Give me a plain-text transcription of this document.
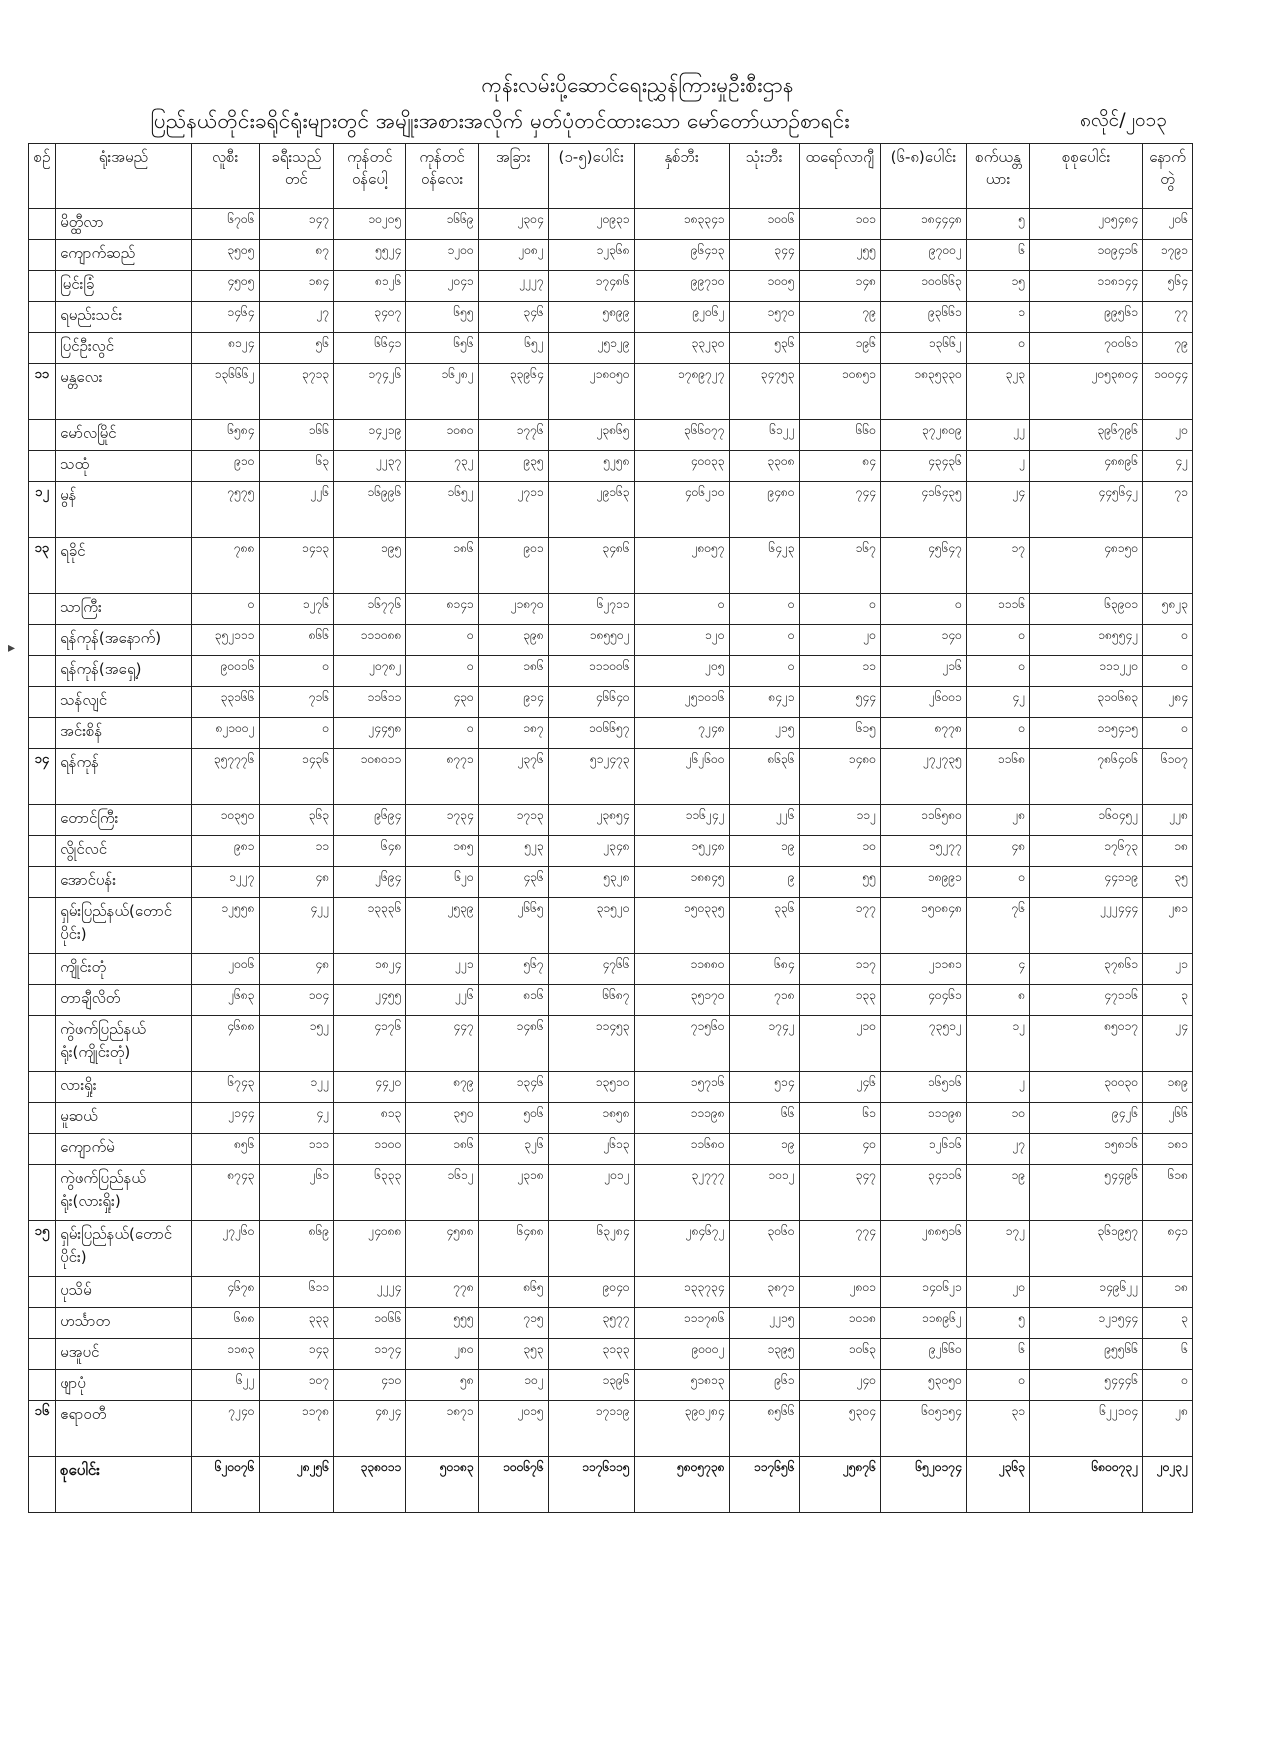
ကုန်းလမ်းပို့ဆောင်ရေးညွှန်ကြားမှုဦးစီးဌာန
ပြည်နယ်တိုင်းခရိုင်ရုံးများတွင် အမျိုးအစားအလိုက် မှတ်ပုံတင်ထားသော မော်တော်ယာဉ်စာရင်း	၈လိုင်/၂၀၁၃
▸
စဉ်	ရုံးအမည်	လူစီး	ခရီးသည်တင်	ကုန်တင်ဝန်ပေါ့	ကုန်တင်ဝန်လေး	အခြား	(၁-၅)ပေါင်း	နှစ်ဘီး	သုံးဘီး	ထရော်လာဂျီ	(၆-၈)ပေါင်း	စက်ယန္တယား	စုစုပေါင်း	နောက်တွဲ
	မိတ္ထီလာ	၆၇၀၆	၁၄၇	၁၀၂၀၅	၁၆၆၉	၂၃၀၄	၂၀၉၃၁	၁၈၃၃၄၁	၁၀၀၆	၁၀၁	၁၈၄၄၄၈	၅	၂၀၅၄၈၄	၂၀၆
	ကျောက်ဆည်	၃၅၀၅	၈၇	၅၅၂၄	၁၂၀၀	၂၀၈၂	၁၂၃၆၈	၉၆၄၁၃	၃၄၄	၂၅၅	၉၇၀၀၂	၆	၁၀၉၄၁၆	၁၇၉၁
	မြင်းခြံ	၄၅၀၅	၁၈၄	၈၁၂၆	၂၀၄၁	၂၂၂၇	၁၇၄၈၆	၉၉၇၁၀	၁၀၀၅	၁၄၈	၁၀၀၆၆၃	၁၅	၁၁၈၁၄၄	၅၆၄
	ရမည်းသင်း	၁၄၆၄	၂၇	၃၄၀၇	၆၅၅	၃၄၆	၅၈၉၉	၉၂၀၆၂	၁၅၇၀	၇၉	၉၃၆၆၁	၁	၉၉၅၆၁	၇၇
	ပြင်ဦးလွင်	၈၁၂၄	၅၆	၆၆၄၁	၆၅၆	၆၅၂	၂၅၁၂၉	၃၃၂၃၀	၅၃၆	၁၉၆	၁၃၆၆၂	၀	၇၀၀၆၁	၇၉
၁၁	မန္တလေး	၁၃၆၆၆၂	၃၇၁၃	၁၇၄၂၆	၁၆၂၈၂	၃၃၉၆၄	၂၁၈၀၅၀	၁၇၈၉၇၂၇	၃၄၇၅၃	၁၀၈၅၁	၁၈၃၅၃၃၀	၃၂၃	၂၀၅၃၈၀၄	၁၀၀၄၄
	မော်လမြိုင်	၆၅၈၄	၁၆၆	၁၄၂၁၉	၁၀၈၀	၁၇၇၆	၂၃၈၆၅	၃၆၆၀၇၇	၆၁၂၂	၆၆၀	၃၇၂၈၀၉	၂၂	၃၉၆၇၉၆	၂၀
	သထုံ	၉၁၀	၆၃	၂၂၃၇	၇၃၂	၉၃၅	၅၂၅၈	၄၀၀၃၃	၃၃၀၈	၈၄	၄၃၄၃၆	၂	၄၈၈၉၆	၄၂
၁၂	မွန်	၇၅၇၅	၂၂၆	၁၆၉၉၆	၁၆၅၂	၂၇၁၁	၂၉၁၆၃	၄၀၆၂၁၀	၉၄၈၀	၇၄၄	၄၁၆၄၃၅	၂၄	၄၄၅၆၄၂	၇၁
၁၃	ရခိုင်	၇၈၈	၁၄၁၃	၁၉၅	၁၈၆	၉၀၁	၃၄၈၆	၂၈၀၅၇	၆၄၂၃	၁၆၇	၄၅၆၄၇	၁၇	၄၈၁၅၀	
	သာကြီး	၀	၁၂၇၆	၁၆၇၇၆	၈၁၄၁	၂၁၈၇၀	၆၂၇၁၁	၀	၀	၀	၀	၁၁၁၆	၆၃၉၀၁	၅၈၂၃
	ရန်ကုန်(အနောက်)	၃၅၂၁၁၁	၈၆၆	၁၁၁၀၈၈	၀	၃၉၈	၁၈၅၅၀၂	၁၂၀	၀	၂၀	၁၄၀	၀	၁၈၅၅၄၂	၀
	ရန်ကုန်(အရှေ့)	၉၀၀၁၆	၀	၂၀၇၈၂	၀	၁၈၆	၁၁၁၀၀၆	၂၀၅	၀	၁၁	၂၁၆	၀	၁၁၁၂၂၀	၀
	သန်လျင်	၃၃၁၆၆	၇၁၆	၁၁၆၁၁	၄၃၀	၉၁၄	၄၆၆၄၀	၂၅၁၀၁၆	၈၄၂၁	၅၄၄	၂၆၀၀၁	၄၂	၃၁၀၆၈၃	၂၈၄
	အင်းစိန်	၈၂၁၀၀၂	၀	၂၄၄၅၈	၀	၁၈၇	၁၀၆၆၅၇	၇၂၄၈	၂၁၅	၆၁၅	၈၇၇၈	၀	၁၁၅၄၁၅	၀
၁၄	ရန်ကုန်	၃၅၇၇၇၆	၁၄၃၆	၁၀၈၀၁၁	၈၇၇၁	၂၃၇၆	၅၁၂၄၇၃	၂၆၂၆၀၀	၈၆၃၆	၁၄၈၀	၂၇၂၇၃၅	၁၁၆၈	၇၈၆၄၀၆	၆၁၀၇
	တောင်ကြီး	၁၀၃၅၀	၃၆၃	၉၆၉၄	၁၇၃၄	၁၇၁၃	၂၃၈၅၄	၁၁၆၂၄၂	၂၂၆	၁၁၂	၁၁၆၅၈၀	၂၈	၁၆၀၄၅၂	၂၂၈
	လွိုင်လင်	၉၈၁	၁၁	၆၄၈	၁၈၅	၅၂၃	၂၃၄၈	၁၅၂၄၈	၁၉	၁၀	၁၅၂၇၇	၄၈	၁၇၆၇၃	၁၈
	အောင်ပန်း	၁၂၂၇	၄၈	၂၆၉၄	၆၂၀	၄၃၆	၅၃၂၈	၁၈၈၄၅	၉	၅၅	၁၈၉၉၁	၀	၄၄၁၁၉	၃၅
	ရှမ်းပြည်နယ်(တောင်ပိုင်း)	၁၂၅၅၈	၄၂၂	၁၃၃၃၆	၂၅၃၉	၂၆၆၅	၃၁၅၂၀	၁၅၀၃၃၅	၃၃၆	၁၇၇	၁၅၀၈၄၈	၇၆	၂၂၂၄၄၄	၂၈၁
	ကျိုင်းတုံ	၂၀၀၆	၄၈	၁၈၂၄	၂၂၁	၅၆၇	၄၇၆၆	၁၁၈၈၀	၆၈၄	၁၁၇	၂၁၁၈၁	၄	၃၇၈၆၁	၂၁
	တာချီလိတ်	၂၆၈၃	၁၀၄	၂၄၅၅	၂၂၆	၈၁၆	၆၆၈၇	၃၅၁၇၀	၇၁၈	၁၃၃	၄၀၄၆၁	၈	၄၇၁၁၆	၃
	ကွဲဖက်ပြည်နယ်ရုံး(ကျိုင်းတုံ)	၄၆၈၈	၁၅၂	၄၁၇၆	၄၄၇	၁၄၈၆	၁၁၄၅၃	၇၁၅၆၀	၁၇၄၂	၂၁၀	၇၃၅၁၂	၁၂	၈၅၀၁၇	၂၄
	လားရှိုး	၆၇၄၃	၁၂၂	၄၄၂၀	၈၇၉	၁၃၄၆	၁၃၅၁၀	၁၅၇၁၆	၅၁၄	၂၄၆	၁၆၅၁၆	၂	၃၀၀၃၀	၁၈၉
	မူဆယ်	၂၁၄၄	၄၂	၈၁၃	၃၅၀	၅၀၆	၁၈၅၈	၁၁၁၉၈	၆၆	၆၁	၁၁၁၉၈	၁၀	၉၄၂၆	၂၆၆
	ကျောက်မဲ	၈၅၆	၁၁၁	၁၁၀၀	၁၈၆	၃၂၆	၂၆၁၃	၁၁၆၈၀	၁၉	၄၀	၁၂၆၁၆	၂၇	၁၅၈၁၆	၁၈၁
	ကွဲဖက်ပြည်နယ်ရုံး(လားရှိုး)	၈၇၄၃	၂၆၁	၆၃၃၃	၁၆၁၂	၂၃၁၈	၂၀၁၂	၃၂၇၇၇	၁၀၁၂	၃၄၇	၃၄၁၁၆	၁၉	၅၄၄၉၆	၆၁၈
၁၅	ရှမ်းပြည်နယ်(တောင်ပိုင်း)	၂၇၂၆၀	၈၆၉	၂၄၀၈၈	၄၅၈၈	၆၄၈၈	၆၃၂၈၄	၂၈၄၆၇၂	၃၀၆၀	၇၇၄	၂၈၈၅၁၆	၁၇၂	၃၆၁၉၅၇	၈၄၁
	ပုသိမ်	၄၆၇၈	၆၁၁	၂၂၂၄	၇၇၈	၈၆၅	၉၀၄၀	၁၃၃၇၃၄	၃၈၇၁	၂၈၀၁	၁၄၀၆၂၁	၂၀	၁၄၉၆၂၂	၁၈
	ဟင်္သာတ	၆၈၈	၃၃၃	၁၀၆၆	၅၅၅	၇၁၅	၃၅၇၇	၁၁၁၇၈၆	၂၂၁၅	၁၀၁၈	၁၁၈၉၆၂	၅	၁၂၁၅၄၄	၃
	မအူပင်	၁၁၈၃	၁၄၃	၁၁၇၄	၂၈၀	၃၅၃	၃၁၃၃	၉၀၀၀၂	၁၃၉၅	၁၀၆၃	၉၂၆၆၀	၆	၉၅၅၆၆	၆
	ဖျာပုံ	၆၂၂	၁၀၇	၄၁၀	၅၈	၁၀၂	၁၃၉၆	၅၁၈၁၃	၉၆၁	၂၄၀	၅၃၀၅၀	၀	၅၄၄၄၆	၀
၁၆	ဧရာဝတီ	၇၂၄၀	၁၁၇၈	၄၈၂၄	၁၈၇၁	၂၀၁၅	၁၇၁၁၉	၃၉၀၂၈၄	၈၅၆၆	၅၃၀၄	၆၀၅၁၅၄	၃၁	၆၂၂၁၀၄	၂၈
	စုပေါင်း	၆၂၀၀၇၆	၂၈၂၅၆	၃၃၈၀၁၁	၅၀၁၈၃	၁၀၀၆၇၆	၁၁၇၆၁၁၅	၅၈၀၅၇၃၈	၁၁၇၆၅၆	၂၅၈၇၆	၆၅၂၀၁၇၄	၂၃၆၃	၆၈၀၀၇၃၂	၂၀၂၃၂
